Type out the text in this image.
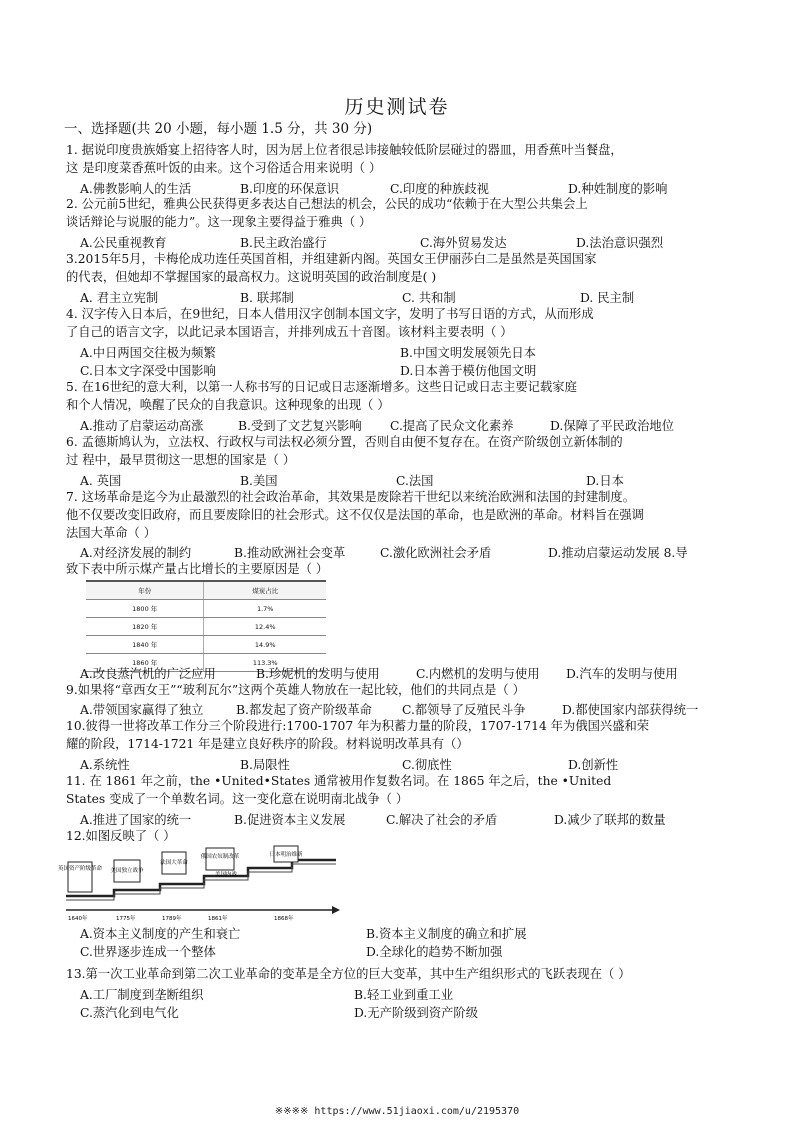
历史测试卷
一、选择题(共 20 小题，每小题 1.5 分，共 30 分)
1. 据说印度贵族婚宴上招待客人时，因为居上位者很忌讳接触较低阶层碰过的器皿，用香蕉叶当餐盘，
这 是印度菜香蕉叶饭的由来。这个习俗适合用来说明（ ）
A.佛教影响人的生活	B.印度的环保意识	C.印度的种族歧视	D.种姓制度的影响
2. 公元前5世纪，雅典公民获得更多表达自己想法的机会，公民的成功“依赖于在大型公共集会上
谈话辩论与说服的能力”。这一现象主要得益于雅典（ ）
A.公民重视教育	B.民主政治盛行	C.海外贸易发达	D.法治意识强烈
3.2015年5月，卡梅伦成功连任英国首相，并组建新内阁。英国女王伊丽莎白二是虽然是英国国家
的代表，但她却不掌握国家的最高权力。这说明英国的政治制度是( )
A. 君主立宪制	B. 联邦制	C. 共和制	D. 民主制
4. 汉字传入日本后，在9世纪，日本人借用汉字创制本国文字，发明了书写日语的方式，从而形成
了自己的语言文字，以此记录本国语言，并排列成五十音图。该材料主要表明（ ）
A.中日两国交往极为频繁	B.中国文明发展领先日本
C.日本文字深受中国影响	D.日本善于模仿他国文明
5. 在16世纪的意大利，以第一人称书写的日记或日志逐渐增多。这些日记或日志主要记载家庭
和个人情况，唤醒了民众的自我意识。这种现象的出现（ ）
A.推动了启蒙运动高涨	B.受到了文艺复兴影响 C.提高了民众文化素养	D.保障了平民政治地位
6. 孟德斯鸠认为，立法权、行政权与司法权必须分置，否则自由便不复存在。在资产阶级创立新体制的
过 程中，最早贯彻这一思想的国家是（ ）
A. 英国	B.美国	C.法国	D.日本
7. 这场革命是迄今为止最激烈的社会政治革命，其效果是废除若干世纪以来统治欧洲和法国的封建制度。
他不仅要改变旧政府，而且要废除旧的社会形式。这不仅仅是法国的革命，也是欧洲的革命。材料旨在强调
法国大革命（ ）
A.对经济发展的制约	B.推动欧洲社会变革	C.激化欧洲社会矛盾	D.推动启蒙运动发展 8.导
致下表中所示煤产量占比增长的主要原因是（ ）
年份	煤炭占比
1800 年	1.7%
1820 年	12.4%
1840 年	14.9%
1860 年	113.3%
A.改良蒸汽机的广泛应用	B.珍妮机的发明与使用	C.内燃机的发明与使用 D.汽车的发明与使用
9.如果将“章西女王”“玻利瓦尔”这两个英雄人物放在一起比较，他们的共同点是（ ）
A.带领国家赢得了独立	B.都发起了资产阶级革命 C.都领导了反殖民斗争	D.都使国家内部获得统一
10.彼得一世将改革工作分三个阶段进行:1700-1707 年为积蓄力量的阶段，1707-1714 年为俄国兴盛和荣
耀的阶段，1714-1721 年是建立良好秩序的阶段。材料说明改革具有（）
A.系统性	B.局限性	C.彻底性	D.创新性
11. 在 1861 年之前，the •United•States 通常被用作复数名词。在 1865 年之后，the •United
States 变成了一个单数名词。这一变化意在说明南北战争（ ）
A.推进了国家的统一	B.促进资本主义发展	C.解决了社会的矛盾	D.减少了联邦的数量
12.如图反映了（ ）
英国资产阶级革命 美国独立战争
法国大革命
俄国农奴制改革
美国内战
日本明治维新
1640年	1775年	1789年	1861年	1868年
A.资本主义制度的产生和衰亡	B.资本主义制度的确立和扩展
C.世界逐步连成一个整体	D.全球化的趋势不断加强
13.第一次工业革命到第二次工业革命的变革是全方位的巨大变革，其中生产组织形式的飞跃表现在（ ）
A.工厂制度到垄断组织	B.轻工业到重工业
C.蒸汽化到电气化	D.无产阶级到资产阶级
※※※※ https://www.51jiaoxi.com/u/2195370
